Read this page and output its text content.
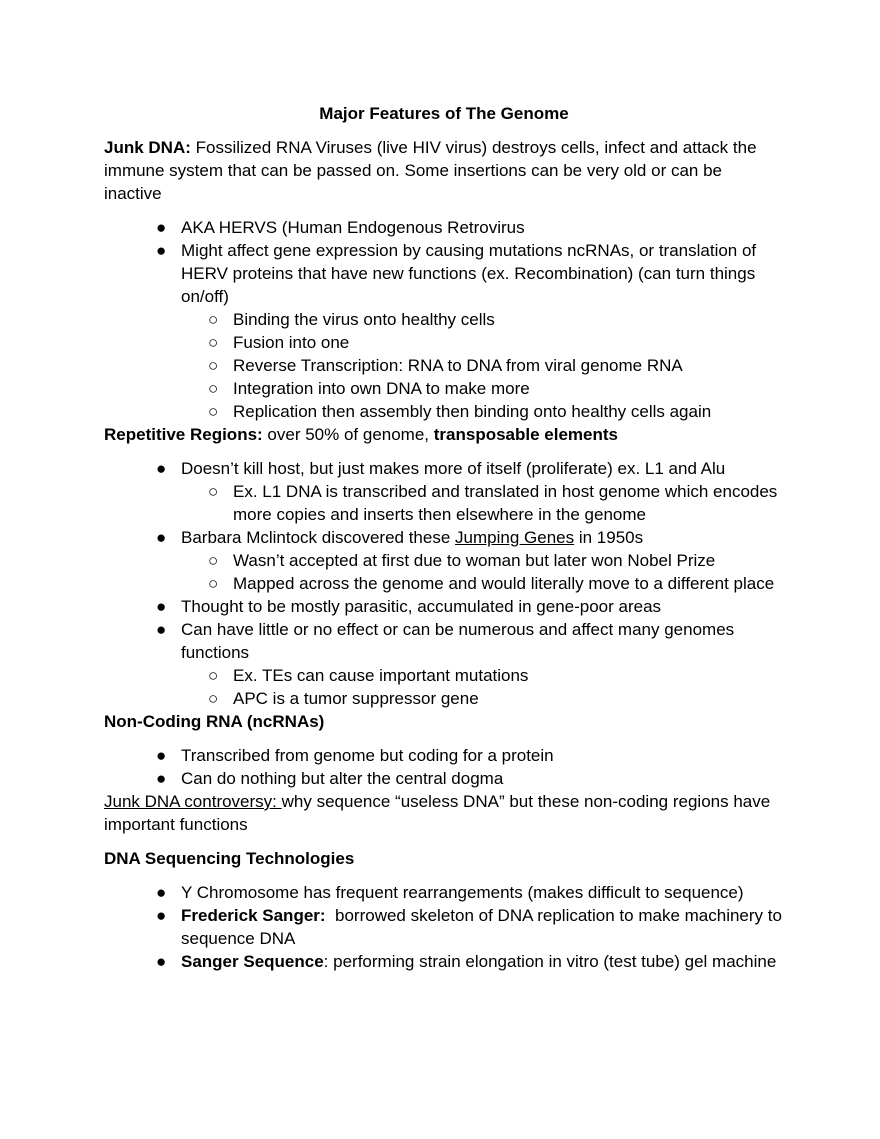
Major Features of The Genome

Junk DNA: Fossilized RNA Viruses (live HIV virus) destroys cells, infect and attack the immune system that can be passed on. Some insertions can be very old or can be inactive

● AKA HERVS (Human Endogenous Retrovirus
● Might affect gene expression by causing mutations ncRNAs, or translation of HERV proteins that have new functions (ex. Recombination) (can turn things on/off)
○ Binding the virus onto healthy cells
○ Fusion into one
○ Reverse Transcription: RNA to DNA from viral genome RNA
○ Integration into own DNA to make more
○ Replication then assembly then binding onto healthy cells again

Repetitive Regions: over 50% of genome, transposable elements

● Doesn’t kill host, but just makes more of itself (proliferate) ex. L1 and Alu
○ Ex. L1 DNA is transcribed and translated in host genome which encodes more copies and inserts then elsewhere in the genome
● Barbara Mclintock discovered these Jumping Genes in 1950s
○ Wasn’t accepted at first due to woman but later won Nobel Prize
○ Mapped across the genome and would literally move to a different place
● Thought to be mostly parasitic, accumulated in gene-poor areas
● Can have little or no effect or can be numerous and affect many genomes functions
○ Ex. TEs can cause important mutations
○ APC is a tumor suppressor gene

Non-Coding RNA (ncRNAs)

● Transcribed from genome but coding for a protein
● Can do nothing but alter the central dogma

Junk DNA controversy: why sequence “useless DNA” but these non-coding regions have important functions

DNA Sequencing Technologies

● Y Chromosome has frequent rearrangements (makes difficult to sequence)
● Frederick Sanger:  borrowed skeleton of DNA replication to make machinery to sequence DNA
● Sanger Sequence: performing strain elongation in vitro (test tube) gel machine
